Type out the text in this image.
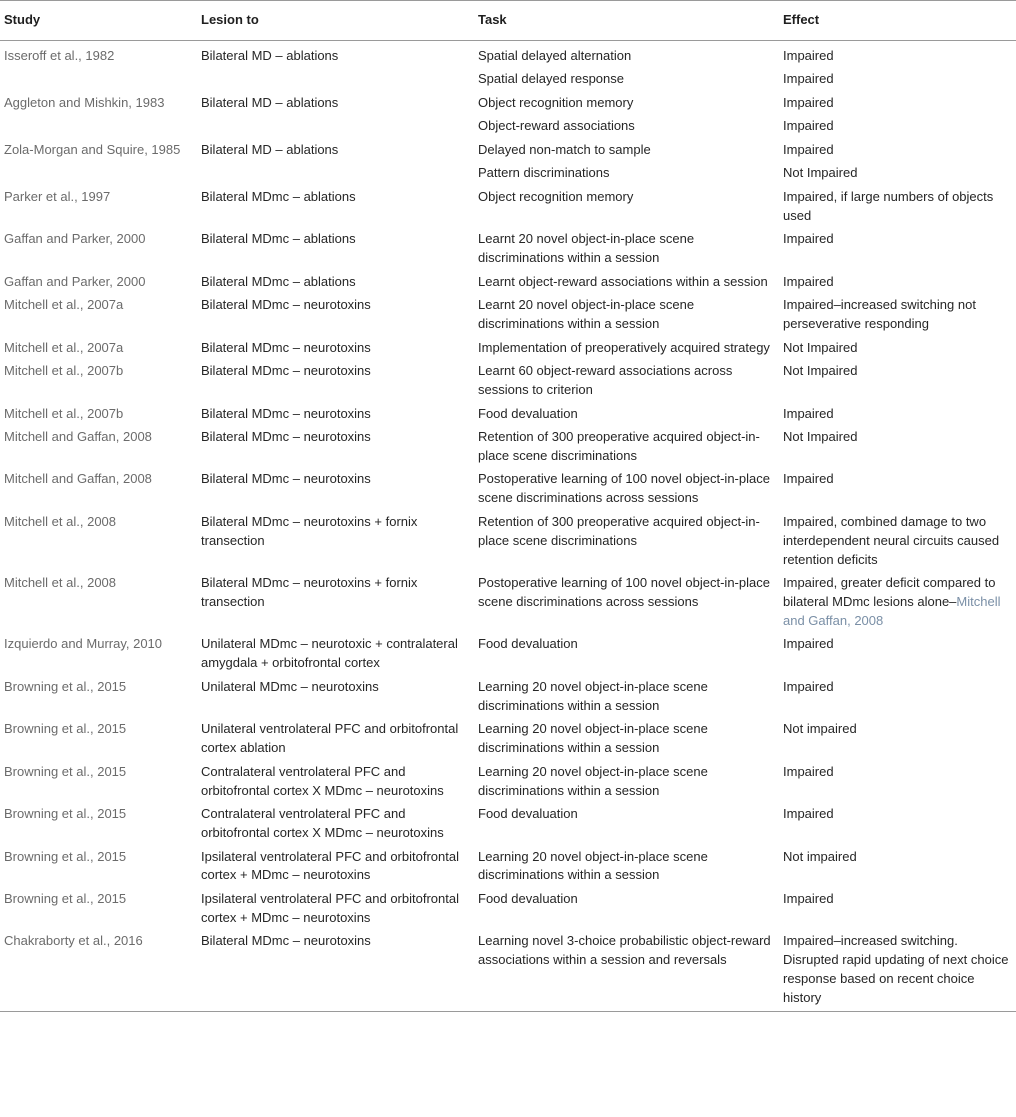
Study	Lesion to	Task	Effect
Isseroff et al., 1982	Bilateral MD – ablations	Spatial delayed alternation	Impaired
		Spatial delayed response	Impaired
Aggleton and Mishkin, 1983	Bilateral MD – ablations	Object recognition memory	Impaired
		Object-reward associations	Impaired
Zola-Morgan and Squire, 1985	Bilateral MD – ablations	Delayed non-match to sample	Impaired
		Pattern discriminations	Not Impaired
Parker et al., 1997	Bilateral MDmc – ablations	Object recognition memory	Impaired, if large numbers of objects used
Gaffan and Parker, 2000	Bilateral MDmc – ablations	Learnt 20 novel object-in-place scene discriminations within a session	Impaired
Gaffan and Parker, 2000	Bilateral MDmc – ablations	Learnt object-reward associations within a session	Impaired
Mitchell et al., 2007a	Bilateral MDmc – neurotoxins	Learnt 20 novel object-in-place scene discriminations within a session	Impaired–increased switching not perseverative responding
Mitchell et al., 2007a	Bilateral MDmc – neurotoxins	Implementation of preoperatively acquired strategy	Not Impaired
Mitchell et al., 2007b	Bilateral MDmc – neurotoxins	Learnt 60 object-reward associations across sessions to criterion	Not Impaired
Mitchell et al., 2007b	Bilateral MDmc – neurotoxins	Food devaluation	Impaired
Mitchell and Gaffan, 2008	Bilateral MDmc – neurotoxins	Retention of 300 preoperative acquired object-in-place scene discriminations	Not Impaired
Mitchell and Gaffan, 2008	Bilateral MDmc – neurotoxins	Postoperative learning of 100 novel object-in-place scene discriminations across sessions	Impaired
Mitchell et al., 2008	Bilateral MDmc – neurotoxins + fornix transection	Retention of 300 preoperative acquired object-in-place scene discriminations	Impaired, combined damage to two interdependent neural circuits caused retention deficits
Mitchell et al., 2008	Bilateral MDmc – neurotoxins + fornix transection	Postoperative learning of 100 novel object-in-place scene discriminations across sessions	Impaired, greater deficit compared to bilateral MDmc lesions alone–Mitchell and Gaffan, 2008
Izquierdo and Murray, 2010	Unilateral MDmc – neurotoxic + contralateral amygdala + orbitofrontal cortex	Food devaluation	Impaired
Browning et al., 2015	Unilateral MDmc – neurotoxins	Learning 20 novel object-in-place scene discriminations within a session	Impaired
Browning et al., 2015	Unilateral ventrolateral PFC and orbitofrontal cortex ablation	Learning 20 novel object-in-place scene discriminations within a session	Not impaired
Browning et al., 2015	Contralateral ventrolateral PFC and orbitofrontal cortex X MDmc – neurotoxins	Learning 20 novel object-in-place scene discriminations within a session	Impaired
Browning et al., 2015	Contralateral ventrolateral PFC and orbitofrontal cortex X MDmc – neurotoxins	Food devaluation	Impaired
Browning et al., 2015	Ipsilateral ventrolateral PFC and orbitofrontal cortex + MDmc – neurotoxins	Learning 20 novel object-in-place scene discriminations within a session	Not impaired
Browning et al., 2015	Ipsilateral ventrolateral PFC and orbitofrontal cortex + MDmc – neurotoxins	Food devaluation	Impaired
Chakraborty et al., 2016	Bilateral MDmc – neurotoxins	Learning novel 3-choice probabilistic object-reward associations within a session and reversals	Impaired–increased switching. Disrupted rapid updating of next choice response based on recent choice history
